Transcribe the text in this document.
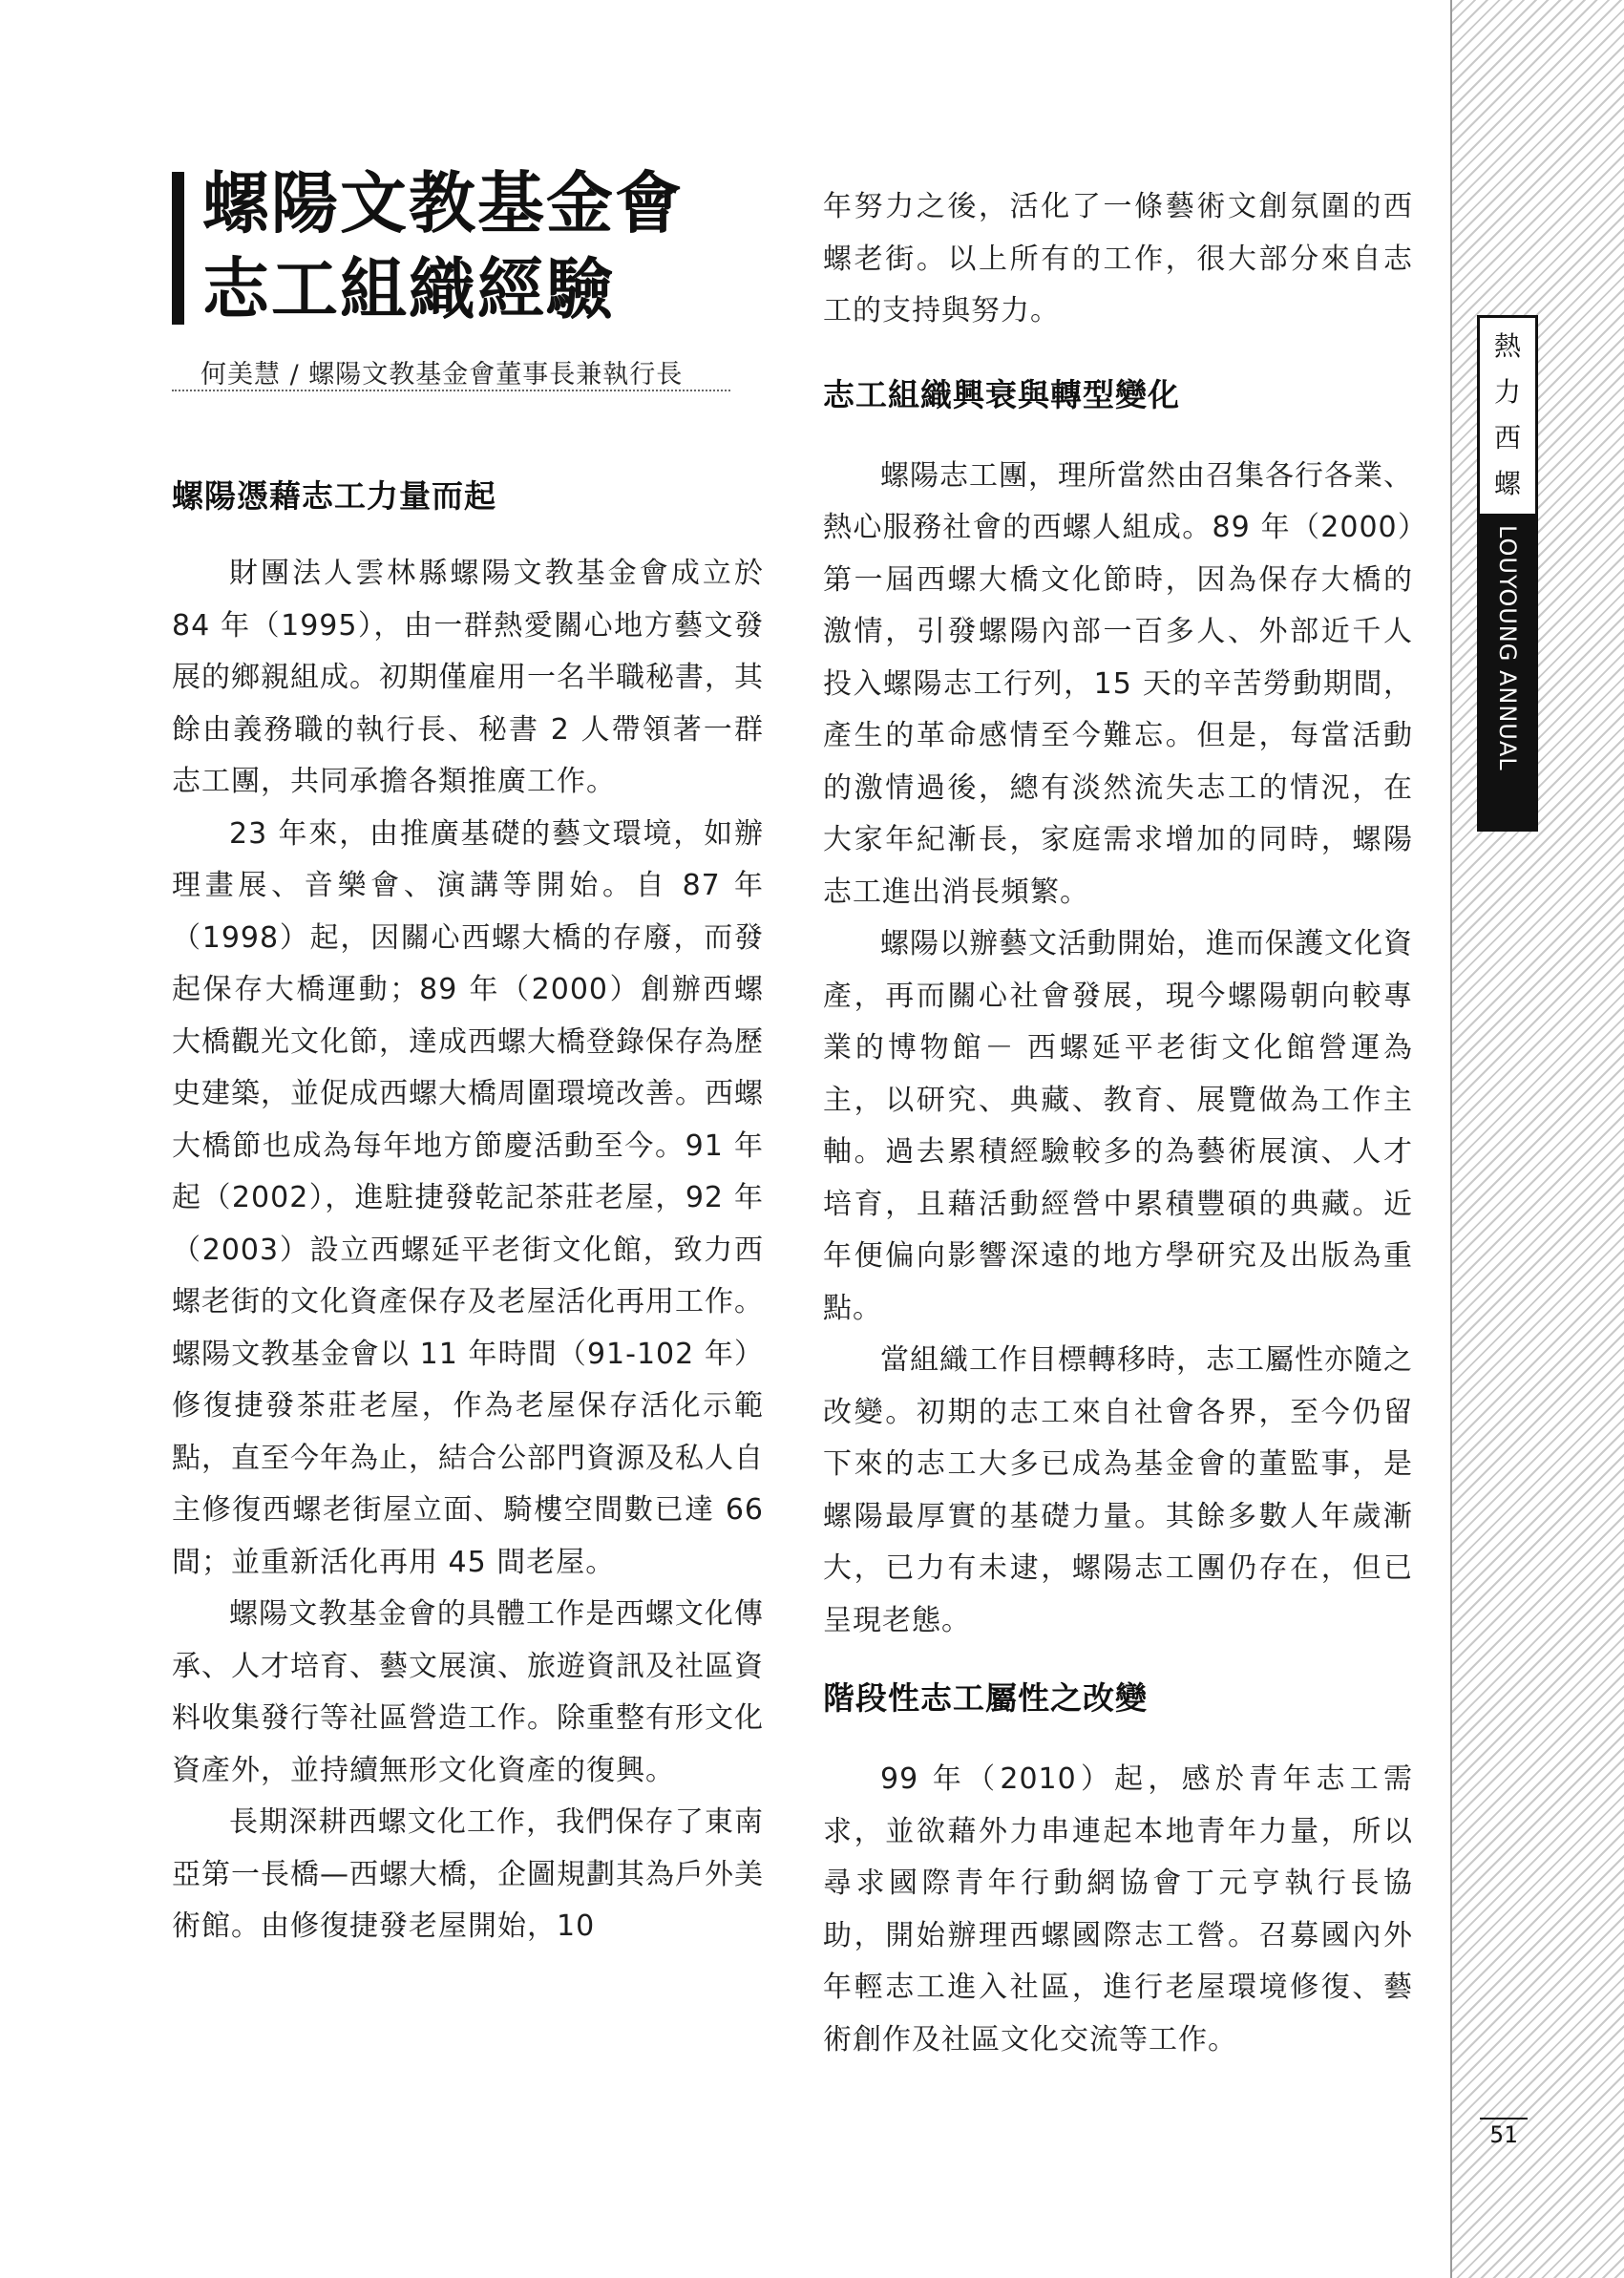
螺陽文教基金會
志工組織經驗
何美慧 / 螺陽文教基金會董事長兼執行長
螺陽憑藉志工力量而起

財團法人雲林縣螺陽文教基金會成立於 84 年（1995），由一群熱愛關心地方藝文發展的鄉親組成。初期僅雇用一名半職秘書，其餘由義務職的執行長、秘書 2 人帶領著一群志工團，共同承擔各類推廣工作。

23 年來，由推廣基礎的藝文環境，如辦理畫展、音樂會、演講等開始。自 87 年（1998）起，因關心西螺大橋的存廢，而發起保存大橋運動；89 年（2000）創辦西螺大橋觀光文化節，達成西螺大橋登錄保存為歷史建築，並促成西螺大橋周圍環境改善。西螺大橋節也成為每年地方節慶活動至今。91 年起（2002），進駐捷發乾記茶莊老屋，92 年（2003）設立西螺延平老街文化館，致力西螺老街的文化資產保存及老屋活化再用工作。螺陽文教基金會以 11 年時間（91-102 年）修復捷發茶莊老屋，作為老屋保存活化示範點，直至今年為止，結合公部門資源及私人自主修復西螺老街屋立面、騎樓空間數已達 66 間；並重新活化再用 45 間老屋。

螺陽文教基金會的具體工作是西螺文化傳承、人才培育、藝文展演、旅遊資訊及社區資料收集發行等社區營造工作。除重整有形文化資產外，並持續無形文化資產的復興。

長期深耕西螺文化工作，我們保存了東南亞第一長橋—西螺大橋，企圖規劃其為戶外美術館。由修復捷發老屋開始，10

年努力之後，活化了一條藝術文創氛圍的西螺老街。以上所有的工作，很大部分來自志工的支持與努力。

志工組織興衰與轉型變化

螺陽志工團，理所當然由召集各行各業、熱心服務社會的西螺人組成。89 年（2000）第一屆西螺大橋文化節時，因為保存大橋的激情，引發螺陽內部一百多人、外部近千人投入螺陽志工行列，15 天的辛苦勞動期間，產生的革命感情至今難忘。但是，每當活動的激情過後，總有淡然流失志工的情況，在大家年紀漸長，家庭需求增加的同時，螺陽志工進出消長頻繁。

螺陽以辦藝文活動開始，進而保護文化資產，再而關心社會發展，現今螺陽朝向較專業的博物館－ 西螺延平老街文化館營運為主，以研究、典藏、教育、展覽做為工作主軸。過去累積經驗較多的為藝術展演、人才培育，且藉活動經營中累積豐碩的典藏。近年便偏向影響深遠的地方學研究及出版為重點。

當組織工作目標轉移時，志工屬性亦隨之改變。初期的志工來自社會各界，至今仍留下來的志工大多已成為基金會的董監事，是螺陽最厚實的基礎力量。其餘多數人年歲漸大，已力有未逮，螺陽志工團仍存在，但已呈現老態。

階段性志工屬性之改變

99 年（2010）起，感於青年志工需求，並欲藉外力串連起本地青年力量，所以尋求國際青年行動網協會丁元亨執行長協助，開始辦理西螺國際志工營。召募國內外年輕志工進入社區，進行老屋環境修復、藝術創作及社區文化交流等工作。

熱
力
西
螺
LOUYOUNG ANNUAL
51
